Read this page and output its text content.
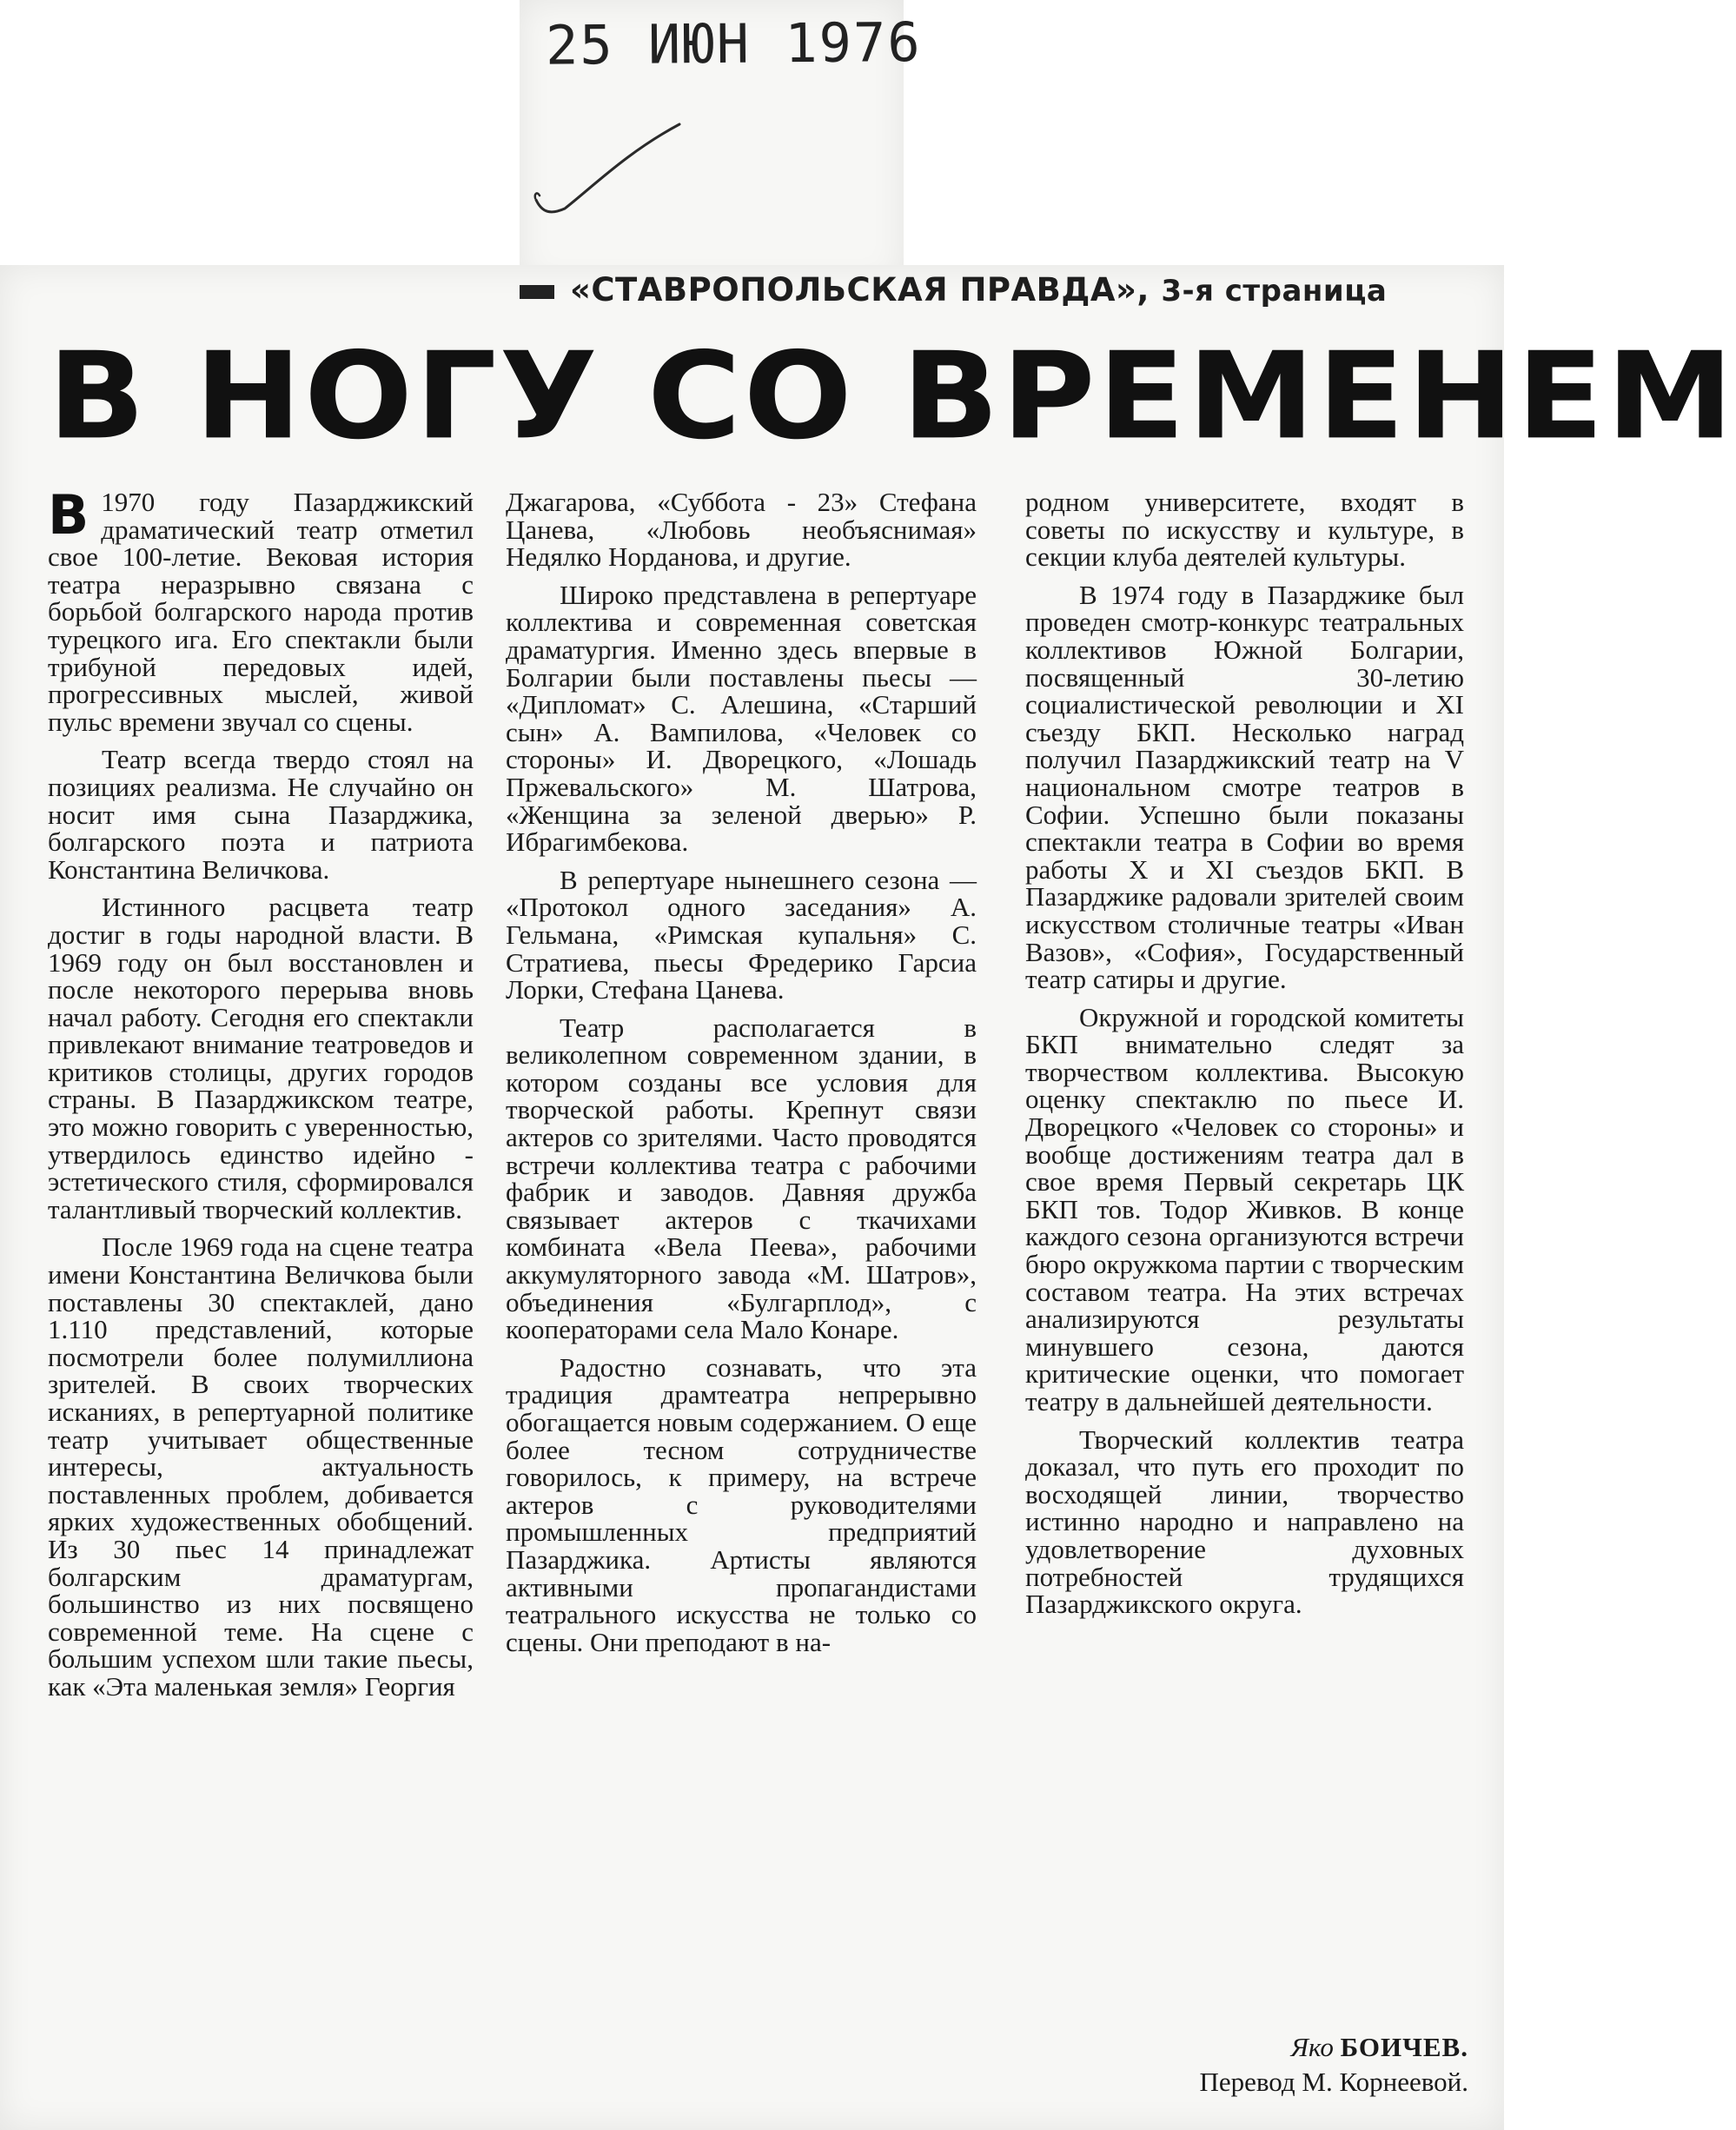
25 ИЮН 1976
«СТАВРОПОЛЬСКАЯ ПРАВДА», 3-я страница
В НОГУ СО ВРЕМЕНЕМ

В 1970 году Пазарджикский драматический театр отметил свое 100-летие. Вековая история театра неразрывно связана с борьбой болгарского народа против турецкого ига. Его спектакли были трибуной передовых идей, прогрессивных мыслей, живой пульс времени звучал со сцены.

Театр всегда твердо стоял на позициях реализма. Не случайно он носит имя сына Пазарджика, болгарского поэта и патриота Константина Величкова.

Истинного расцвета театр достиг в годы народной власти. В 1969 году он был восстановлен и после некоторого перерыва вновь начал работу. Сегодня его спектакли привлекают внимание театроведов и критиков столицы, других городов страны. В Пазарджикском театре, это можно говорить с уверенностью, утвердилось единство идейно - эстетического стиля, сформировался талантливый творческий коллектив.

После 1969 года на сцене театра имени Константина Величкова были поставлены 30 спектаклей, дано 1.110 представлений, которые посмотрели более полумиллиона зрителей. В своих творческих исканиях, в репертуарной политике театр учитывает общественные интересы, актуальность поставленных проблем, добивается ярких художественных обобщений. Из 30 пьес 14 принадлежат болгарским драматургам, большинство из них посвящено современной теме. На сцене с большим успехом шли такие пьесы, как «Эта маленькая земля» Георгия

Джагарова, «Суббота - 23» Стефана Цанева, «Любовь необъяснимая» Недялко Норданова, и другие.

Широко представлена в репертуаре коллектива и современная советская драматургия. Именно здесь впервые в Болгарии были поставлены пьесы — «Дипломат» С. Алешина, «Старший сын» А. Вампилова, «Человек со стороны» И. Дворецкого, «Лошадь Пржевальского» М. Шатрова, «Женщина за зеленой дверью» Р. Ибрагимбекова.

В репертуаре нынешнего сезона — «Протокол одного заседания» А. Гельмана, «Римская купальня» С. Стратиева, пьесы Фредерико Гарсиа Лорки, Стефана Цанева.

Театр располагается в великолепном современном здании, в котором созданы все условия для творческой работы. Крепнут связи актеров со зрителями. Часто проводятся встречи коллектива театра с рабочими фабрик и заводов. Давняя дружба связывает актеров с ткачихами комбината «Вела Пеева», рабочими аккумуляторного завода «М. Шатров», объединения «Булгарплод», с кооператорами села Мало Конаре.

Радостно сознавать, что эта традиция драмтеатра непрерывно обогащается новым содержанием. О еще более тесном сотрудничестве говорилось, к примеру, на встрече актеров с руководителями промышленных предприятий Пазарджика. Артисты являются активными пропагандистами театрального искусства не только со сцены. Они преподают в на-

родном университете, входят в советы по искусству и культуре, в секции клуба деятелей культуры.

В 1974 году в Пазарджике был проведен смотр-конкурс театральных коллективов Южной Болгарии, посвященный 30-летию социалистической революции и XI съезду БКП. Несколько наград получил Пазарджикский театр на V национальном смотре театров в Софии. Успешно были показаны спектакли театра в Софии во время работы X и XI съездов БКП. В Пазарджике радовали зрителей своим искусством столичные театры «Иван Вазов», «София», Государственный театр сатиры и другие.

Окружной и городской комитеты БКП внимательно следят за творчеством коллектива. Высокую оценку спектаклю по пьесе И. Дворецкого «Человек со стороны» и вообще достижениям театра дал в свое время Первый секретарь ЦК БКП тов. Тодор Живков. В конце каждого сезона организуются встречи бюро окружкома партии с творческим составом театра. На этих встречах анализируются результаты минувшего сезона, даются критические оценки, что помогает театру в дальнейшей деятельности.

Творческий коллектив театра доказал, что путь его проходит по восходящей линии, творчество истинно народно и направлено на удовлетворение духовных потребностей трудящихся Пазарджикского округа.

Яко БОИЧЕВ.
Перевод М. Корнеевой.
